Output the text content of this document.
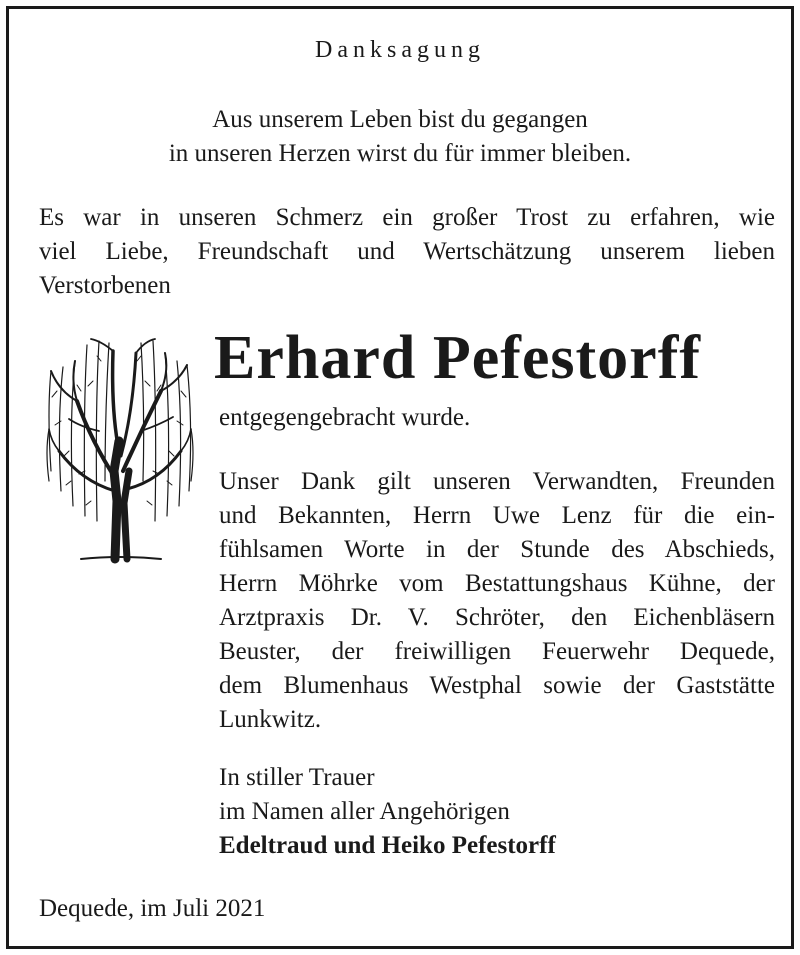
Danksagung
Aus unserem Leben bist du gegangen
in unseren Herzen wirst du für immer bleiben.
Es war in unseren Schmerz ein großer Trost zu erfahren, wie
viel Liebe, Freundschaft und Wertschätzung unserem lieben
Verstorbenen
Erhard Pefestorff
entgegengebracht wurde.
Unser Dank gilt unseren Verwandten, Freunden
und Bekannten, Herrn Uwe Lenz für die ein-
fühlsamen Worte in der Stunde des Abschieds,
Herrn Möhrke vom Bestattungshaus Kühne, der
Arztpraxis Dr. V. Schröter, den Eichenbläsern
Beuster, der freiwilligen Feuerwehr Dequede,
dem Blumenhaus Westphal sowie der Gaststätte
Lunkwitz.
In stiller Trauer
im Namen aller Angehörigen
Edeltraud und Heiko Pefestorff
Dequede, im Juli 2021
